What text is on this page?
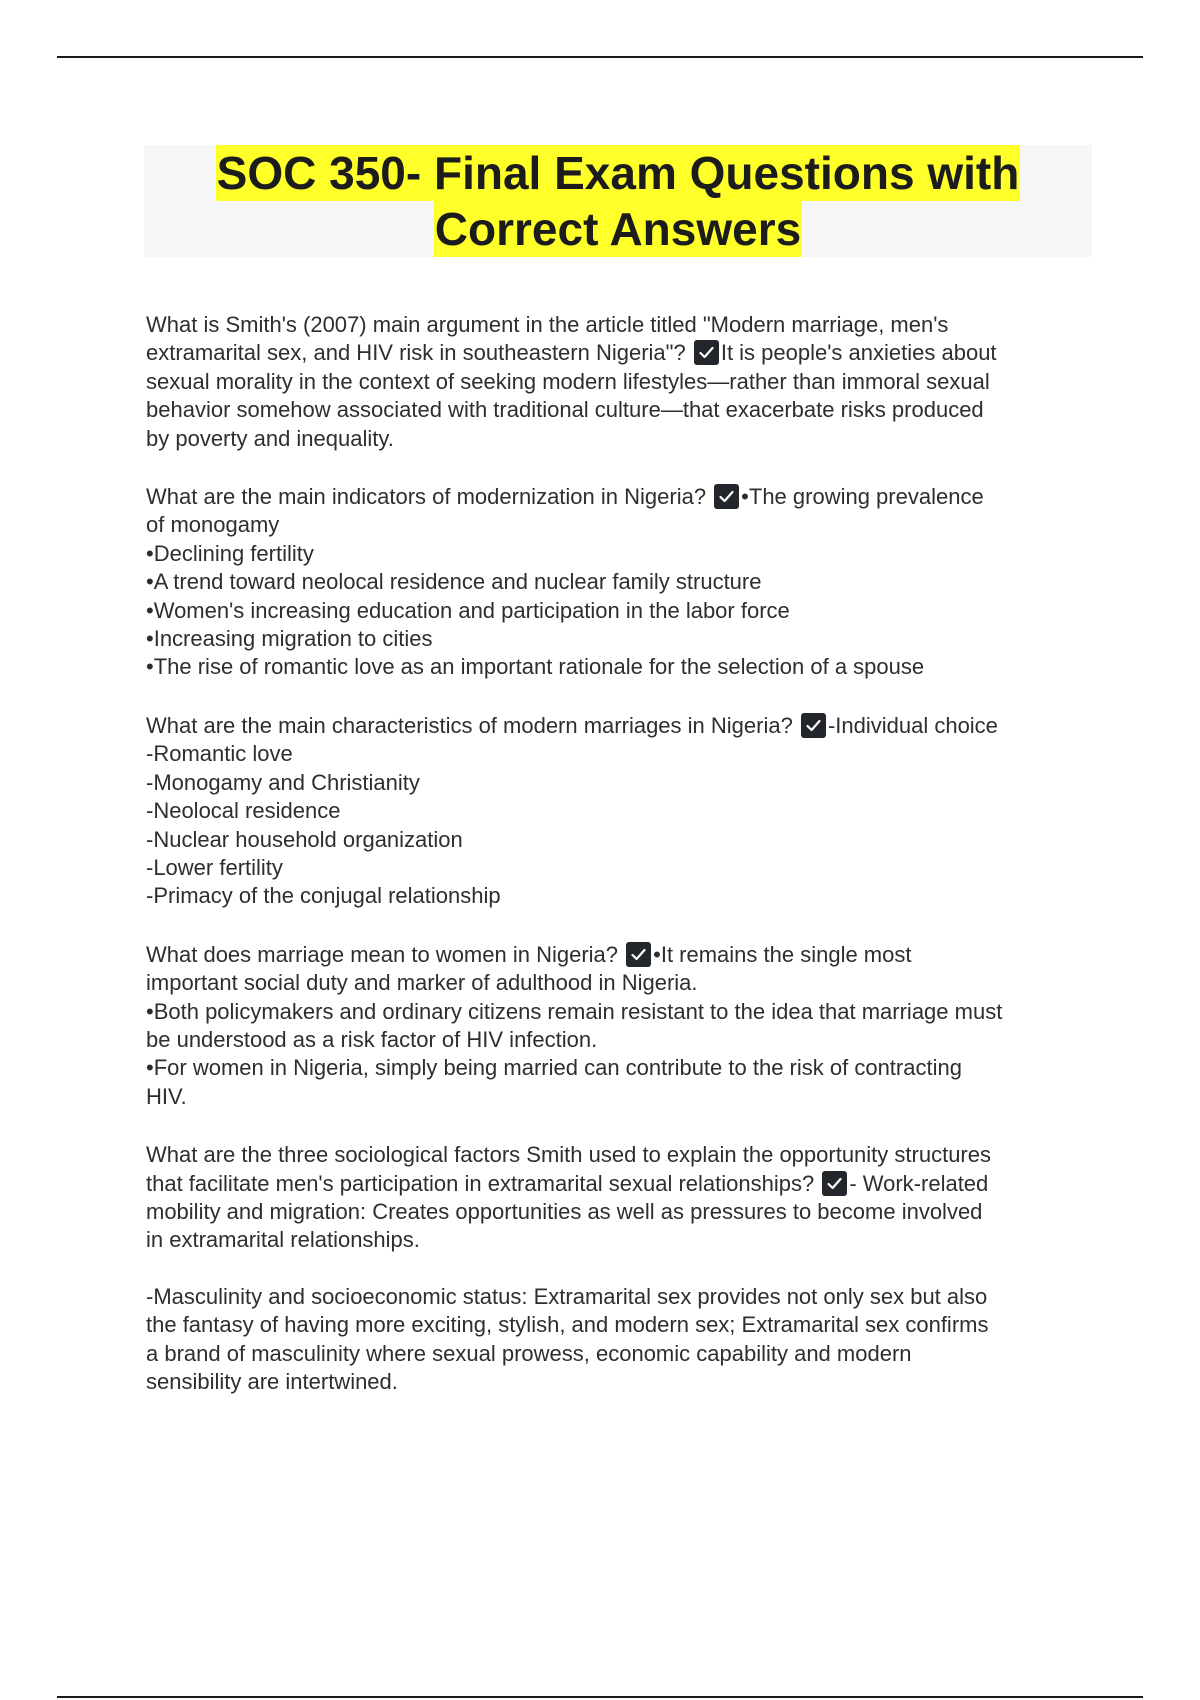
SOC 350- Final Exam Questions with
Correct Answers
What is Smith's (2007) main argument in the article titled "Modern marriage, men's
extramarital sex, and HIV risk in southeastern Nigeria"?
It is people's anxieties about
sexual morality in the context of seeking modern lifestyles—rather than immoral sexual
behavior somehow associated with traditional culture—that exacerbate risks produced
by poverty and inequality.
What are the main indicators of modernization in Nigeria?
•The growing prevalence
of monogamy
•Declining fertility
•A trend toward neolocal residence and nuclear family structure
•Women's increasing education and participation in the labor force
•Increasing migration to cities
•The rise of romantic love as an important rationale for the selection of a spouse
What are the main characteristics of modern marriages in Nigeria?
-Individual choice
-Romantic love
-Monogamy and Christianity
-Neolocal residence
-Nuclear household organization
-Lower fertility
-Primacy of the conjugal relationship
What does marriage mean to women in Nigeria?
•It remains the single most
important social duty and marker of adulthood in Nigeria.
•Both policymakers and ordinary citizens remain resistant to the idea that marriage must
be understood as a risk factor of HIV infection.
•For women in Nigeria, simply being married can contribute to the risk of contracting
HIV.
What are the three sociological factors Smith used to explain the opportunity structures
that facilitate men's participation in extramarital sexual relationships?
- Work-related
mobility and migration: Creates opportunities as well as pressures to become involved
in extramarital relationships.
-Masculinity and socioeconomic status: Extramarital sex provides not only sex but also
the fantasy of having more exciting, stylish, and modern sex; Extramarital sex confirms
a brand of masculinity where sexual prowess, economic capability and modern
sensibility are intertwined.
